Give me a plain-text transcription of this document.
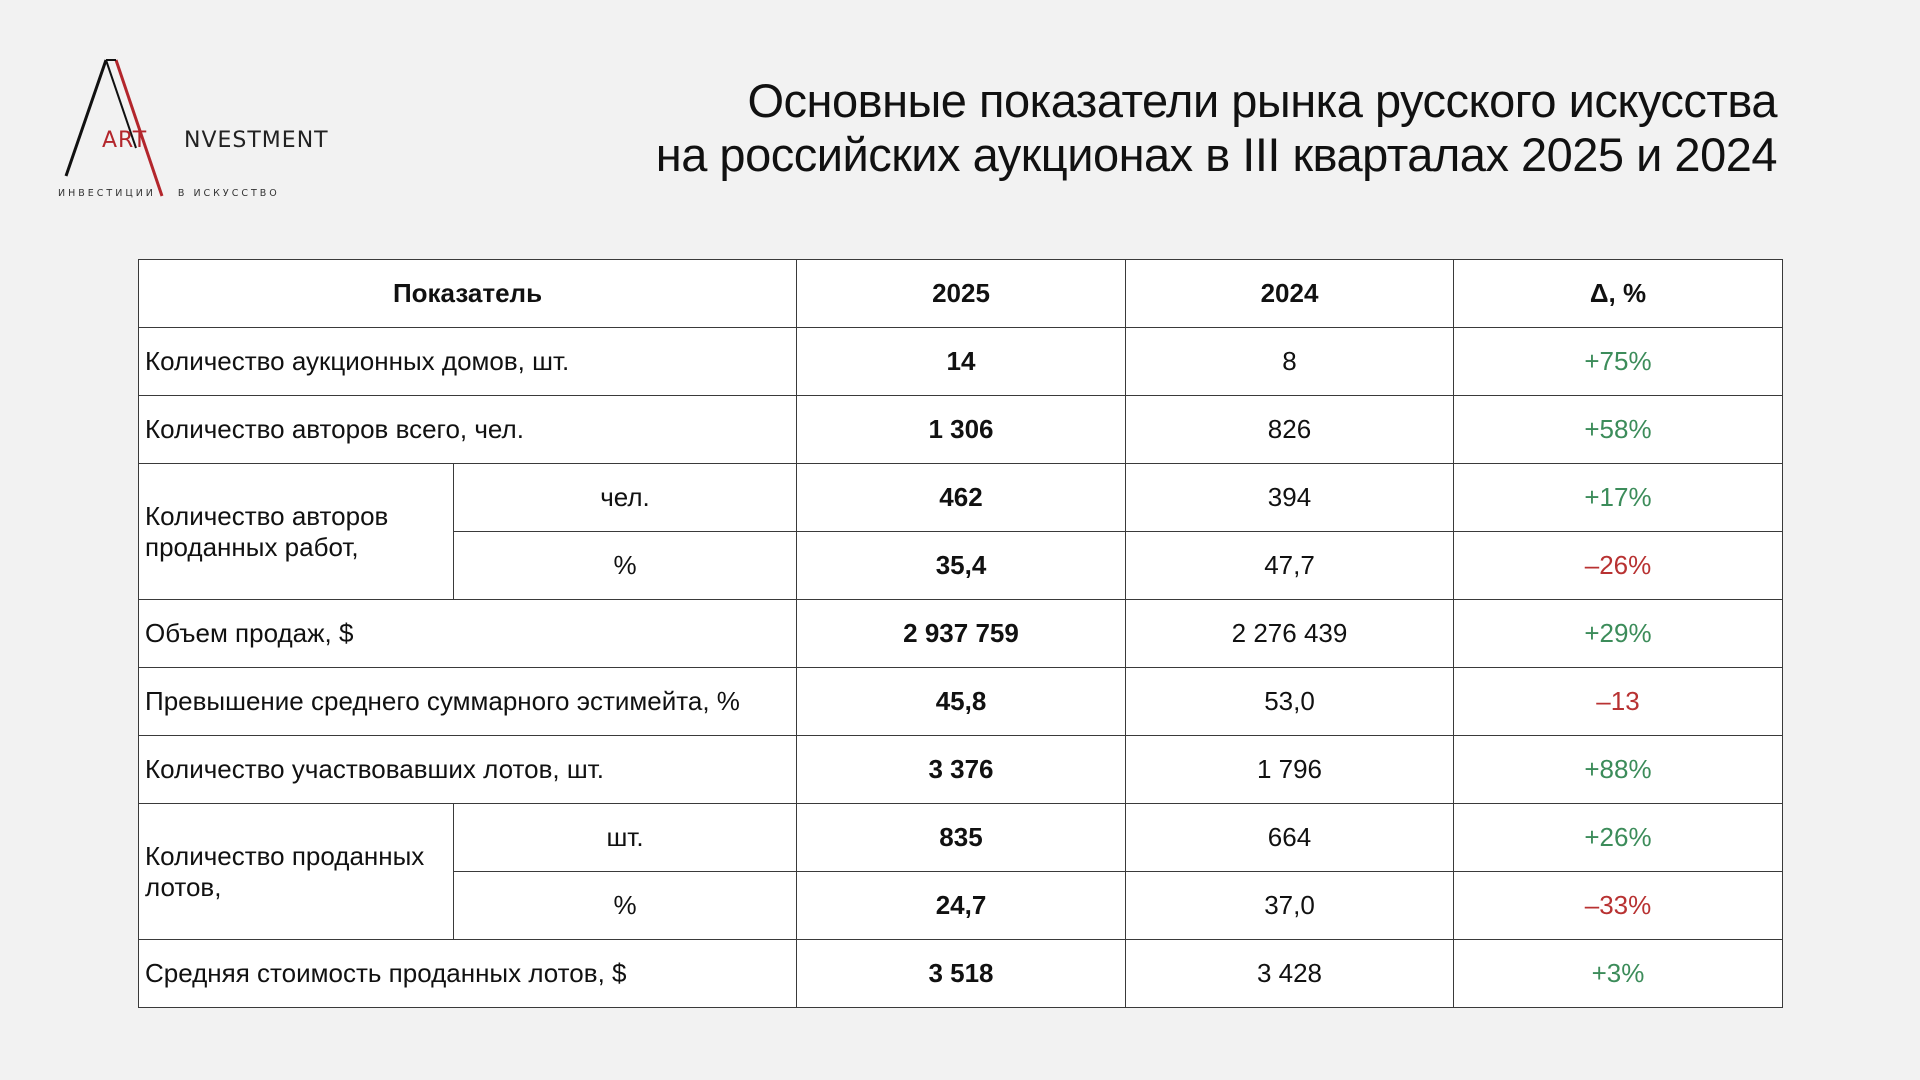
ART NVESTMENT
ИНВЕСТИЦИИ В ИСКУССТВО
Основные показатели рынка русского искусства
на российских аукционах в III кварталах 2025 и 2024
Показатель		2025	2024	Δ, %
Количество аукционных домов, шт.		14	8	+75%
Количество авторов всего, чел.		1 306	826	+58%
Количество авторов проданных работ,	чел.	462	394	+17%
	%	35,4	47,7	–26%
Объем продаж, $		2 937 759	2 276 439	+29%
Превышение среднего суммарного эстимейта, %		45,8	53,0	–13
Количество участвовавших лотов, шт.		3 376	1 796	+88%
Количество проданных лотов,	шт.	835	664	+26%
	%	24,7	37,0	–33%
Средняя стоимость проданных лотов, $		3 518	3 428	+3%
